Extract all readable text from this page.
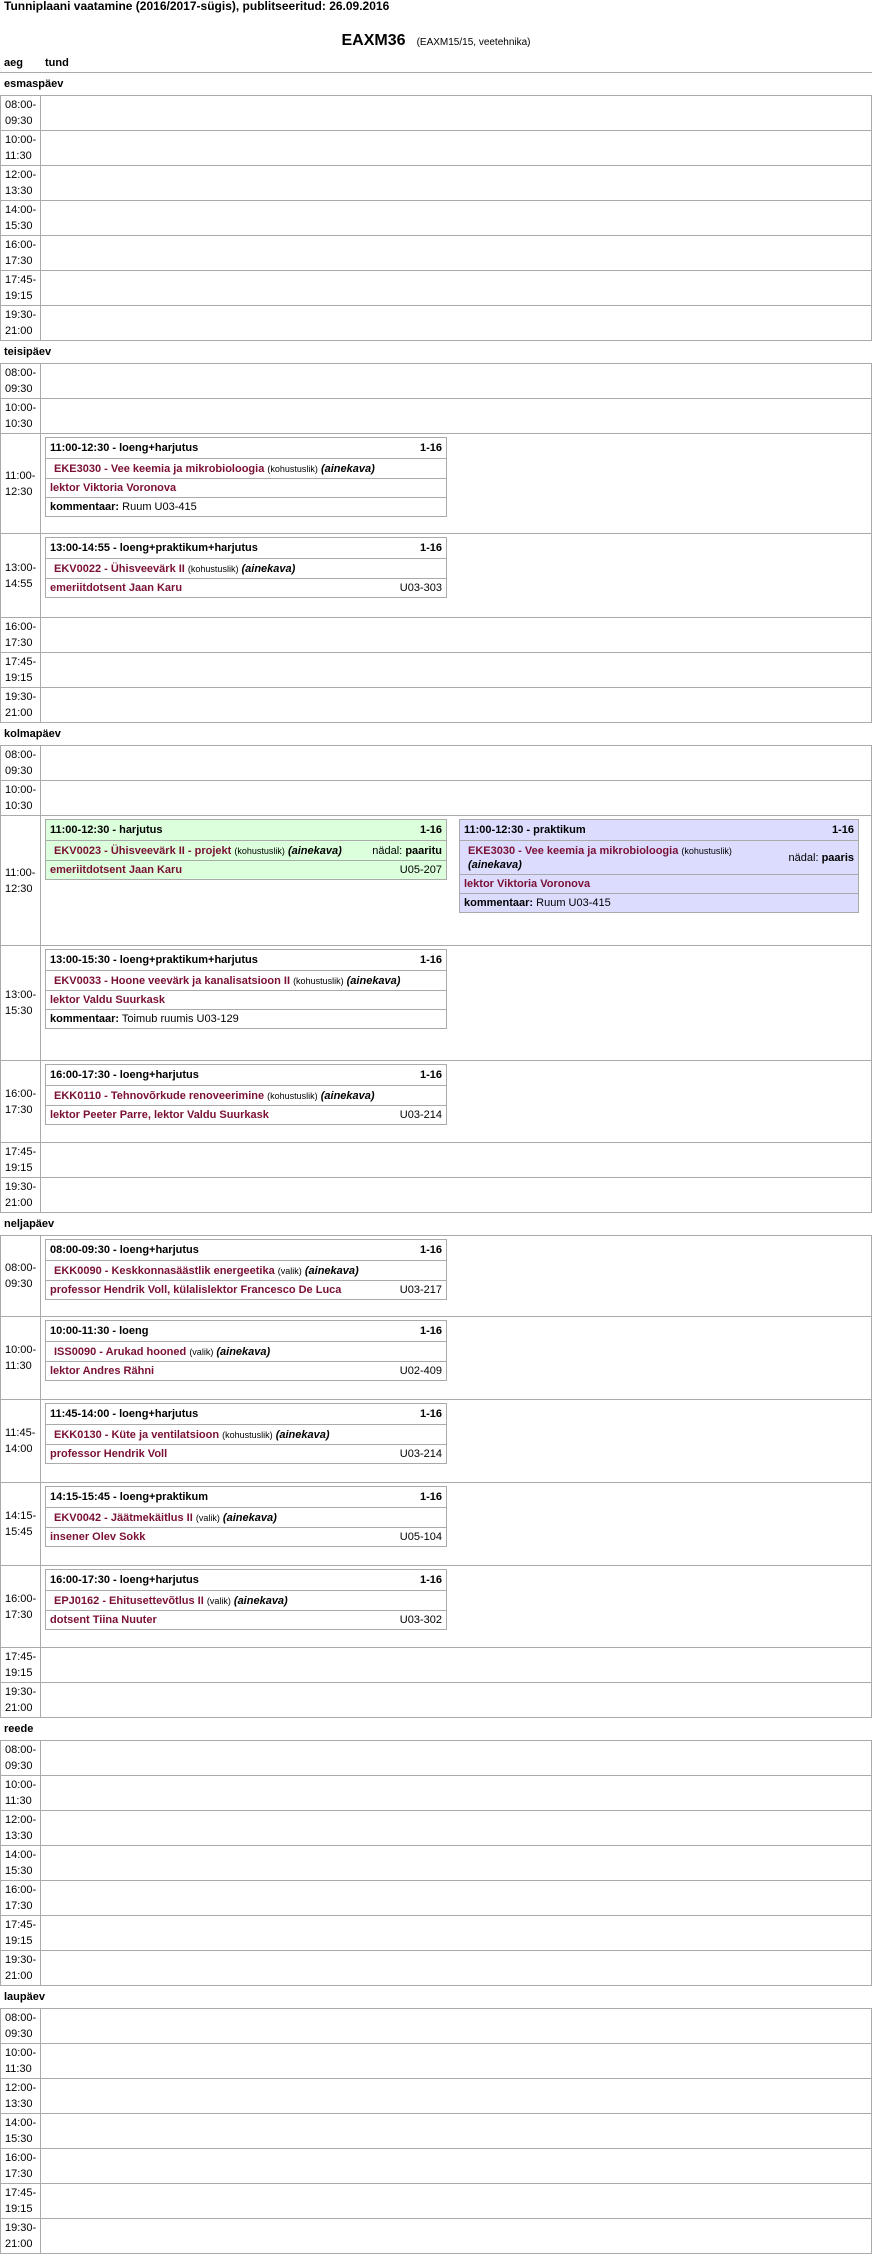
Tunniplaani vaatamine (2016/2017-sügis), publitseeritud: 26.09.2016
EAXM36 (EAXM15/15, veetehnika)
aeg	tund
esmaspäev
08:00-
09:30
10:00-
11:30
12:00-
13:30
14:00-
15:30
16:00-
17:30
17:45-
19:15
19:30-
21:00
teisipäev
08:00-
09:30
10:00-
10:30
11:00-
12:30
11:00-12:30 - loeng+harjutus	1-16
EKE3030 - Vee keemia ja mikrobioloogia (kohustuslik) (ainekava)
lektor Viktoria Voronova
kommentaar: Ruum U03-415
13:00-
14:55
13:00-14:55 - loeng+praktikum+harjutus	1-16
EKV0022 - Ühisveevärk II (kohustuslik) (ainekava)
emeriitdotsent Jaan Karu	U03-303
16:00-
17:30
17:45-
19:15
19:30-
21:00
kolmapäev
08:00-
09:30
10:00-
10:30
11:00-
12:30
11:00-12:30 - harjutus	1-16
EKV0023 - Ühisveevärk II - projekt (kohustuslik) (ainekava)	nädal: paaritu
emeriitdotsent Jaan Karu	U05-207
11:00-12:30 - praktikum	1-16
EKE3030 - Vee keemia ja mikrobioloogia (kohustuslik) (ainekava)
nädal: paaris
lektor Viktoria Voronova
kommentaar: Ruum U03-415
13:00-
15:30
13:00-15:30 - loeng+praktikum+harjutus	1-16
EKV0033 - Hoone veevärk ja kanalisatsioon II (kohustuslik) (ainekava)
lektor Valdu Suurkask
kommentaar: Toimub ruumis U03-129
16:00-
17:30
16:00-17:30 - loeng+harjutus	1-16
EKK0110 - Tehnovõrkude renoveerimine (kohustuslik) (ainekava)
lektor Peeter Parre, lektor Valdu Suurkask	U03-214
17:45-
19:15
19:30-
21:00
neljapäev
08:00-
09:30
08:00-09:30 - loeng+harjutus	1-16
EKK0090 - Keskkonnasäästlik energeetika (valik) (ainekava)
professor Hendrik Voll, külalislektor Francesco De Luca	U03-217
10:00-
11:30
10:00-11:30 - loeng	1-16
ISS0090 - Arukad hooned (valik) (ainekava)
lektor Andres Rähni	U02-409
11:45-
14:00
11:45-14:00 - loeng+harjutus	1-16
EKK0130 - Küte ja ventilatsioon (kohustuslik) (ainekava)
professor Hendrik Voll	U03-214
14:15-
15:45
14:15-15:45 - loeng+praktikum	1-16
EKV0042 - Jäätmekäitlus II (valik) (ainekava)
insener Olev Sokk	U05-104
16:00-
17:30
16:00-17:30 - loeng+harjutus	1-16
EPJ0162 - Ehitusettevõtlus II (valik) (ainekava)
dotsent Tiina Nuuter	U03-302
17:45-
19:15
19:30-
21:00
reede
08:00-
09:30
10:00-
11:30
12:00-
13:30
14:00-
15:30
16:00-
17:30
17:45-
19:15
19:30-
21:00
laupäev
08:00-
09:30
10:00-
11:30
12:00-
13:30
14:00-
15:30
16:00-
17:30
17:45-
19:15
19:30-
21:00
